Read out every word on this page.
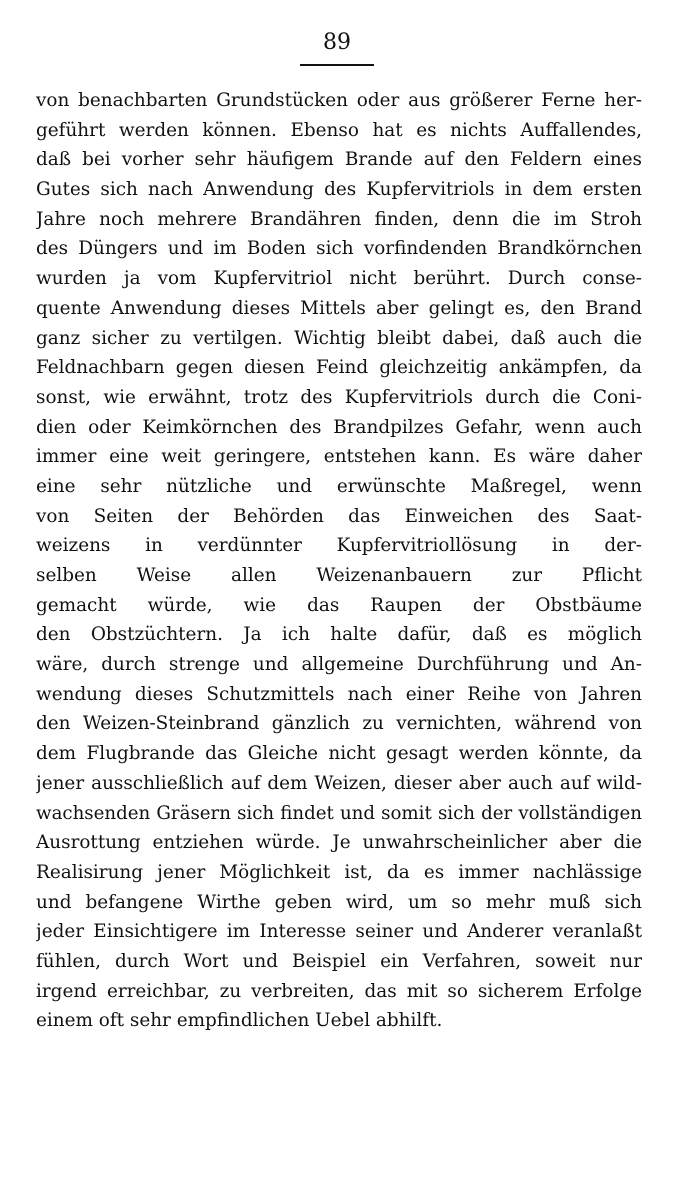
89
von benachbarten Grundstücken oder aus größerer Ferne her-
geführt werden können. Ebenso hat es nichts Auffallendes,
daß bei vorher sehr häufigem Brande auf den Feldern eines
Gutes sich nach Anwendung des Kupfervitriols in dem ersten
Jahre noch mehrere Brandähren finden, denn die im Stroh
des Düngers und im Boden sich vorfindenden Brandkörnchen
wurden ja vom Kupfervitriol nicht berührt. Durch conse-
quente Anwendung dieses Mittels aber gelingt es, den Brand
ganz sicher zu vertilgen. Wichtig bleibt dabei, daß auch die
Feldnachbarn gegen diesen Feind gleichzeitig ankämpfen, da
sonst, wie erwähnt, trotz des Kupfervitriols durch die Coni-
dien oder Keimkörnchen des Brandpilzes Gefahr, wenn auch
immer eine weit geringere, entstehen kann. Es wäre daher
eine sehr nützliche und erwünschte Maßregel, wenn
von Seiten der Behörden das Einweichen des Saat-
weizens in verdünnter Kupfervitriollösung in der-
selben Weise allen Weizenanbauern zur Pflicht
gemacht würde, wie das Raupen der Obstbäume
den Obstzüchtern. Ja ich halte dafür, daß es möglich
wäre, durch strenge und allgemeine Durchführung und An-
wendung dieses Schutzmittels nach einer Reihe von Jahren
den Weizen-Steinbrand gänzlich zu vernichten, während von
dem Flugbrande das Gleiche nicht gesagt werden könnte, da
jener ausschließlich auf dem Weizen, dieser aber auch auf wild-
wachsenden Gräsern sich findet und somit sich der vollständigen
Ausrottung entziehen würde. Je unwahrscheinlicher aber die
Realisirung jener Möglichkeit ist, da es immer nachlässige
und befangene Wirthe geben wird, um so mehr muß sich
jeder Einsichtigere im Interesse seiner und Anderer veranlaßt
fühlen, durch Wort und Beispiel ein Verfahren, soweit nur
irgend erreichbar, zu verbreiten, das mit so sicherem Erfolge
einem oft sehr empfindlichen Uebel abhilft.
